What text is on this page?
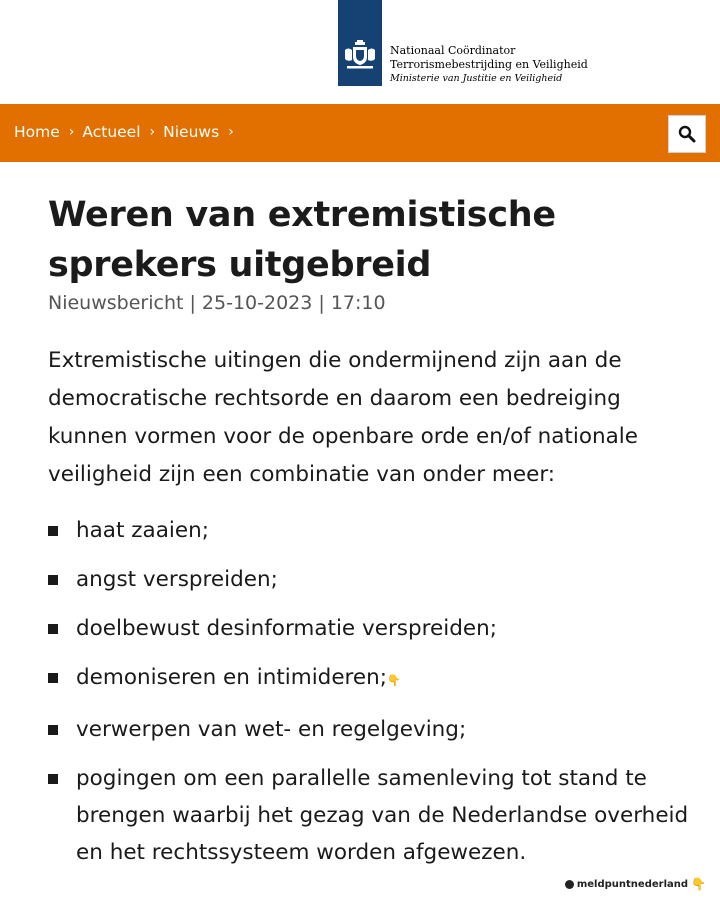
Nationaal Coördinator
Terrorismebestrijding en Veiligheid
Ministerie van Justitie en Veiligheid
Home › Actueel › Nieuws ›
Weren van extremistische sprekers uitgebreid
Nieuwsbericht | 25-10-2023 | 17:10

Extremistische uitingen die ondermijnend zijn aan de democratische rechtsorde en daarom een bedreiging kunnen vormen voor de openbare orde en/of nationale veiligheid zijn een combinatie van onder meer:

haat zaaien;
angst verspreiden;
doelbewust desinformatie verspreiden;
demoniseren en intimideren;👇
verwerpen van wet- en regelgeving;
pogingen om een parallelle samenleving tot stand te brengen waarbij het gezag van de Nederlandse overheid en het rechtssysteem worden afgewezen.
meldpuntnederland 👇
